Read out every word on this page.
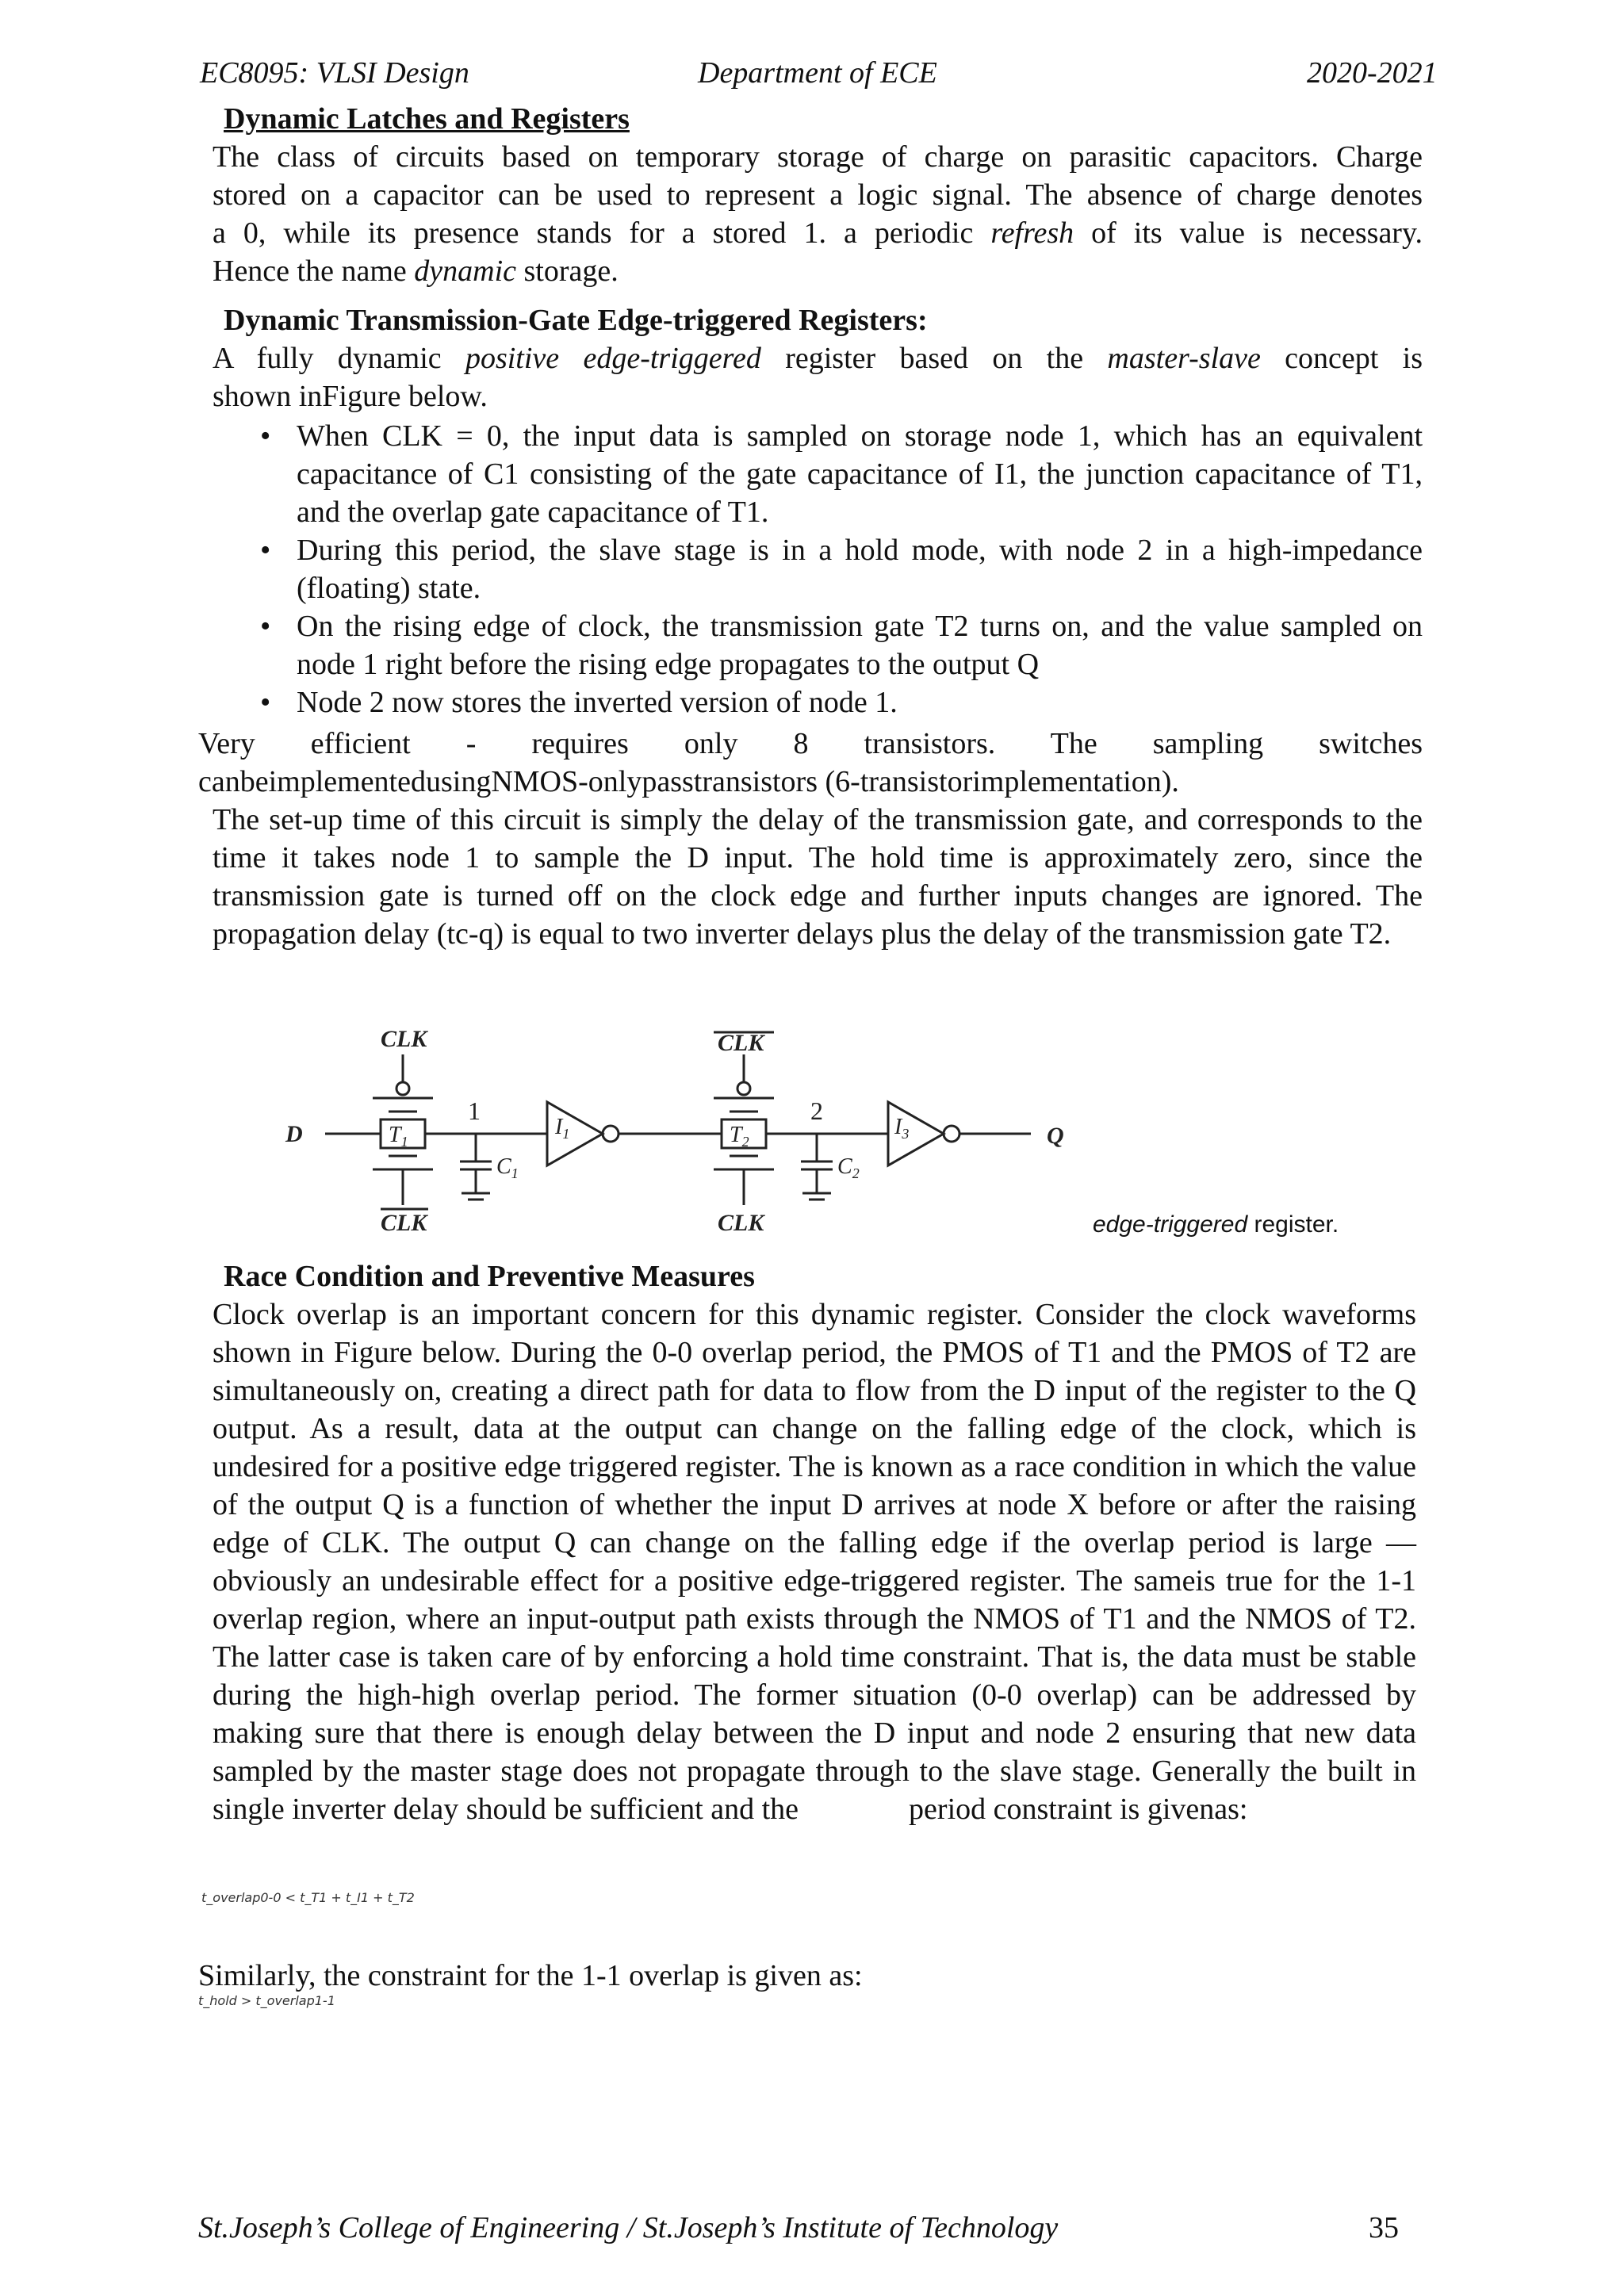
EC8095: VLSI Design	Department of ECE	2020-2021
Dynamic Latches and Registers
The class of circuits based on temporary storage of charge on parasitic capacitors. Charge
stored on a capacitor can be used to represent a logic signal. The absence of charge denotes
a 0, while its presence stands for a stored 1. a periodic refresh of its value is necessary.
Hence the name dynamic storage.
Dynamic Transmission-Gate Edge-triggered Registers:
A fully dynamic positive edge-triggered register based on the master-slave concept is
shown inFigure below.
• When CLK = 0, the input data is sampled on storage node 1, which has an equivalent capacitance of C1 consisting of the gate capacitance of I1, the junction capacitance of T1, and the overlap gate capacitance of T1.
• During this period, the slave stage is in a hold mode, with node 2 in a high-impedance (floating) state.
• On the rising edge of clock, the transmission gate T2 turns on, and the value sampled on node 1 right before the rising edge propagates to the output Q
• Node 2 now stores the inverted version of node 1.
Very efficient - requires only 8 transistors. The sampling switches
canbeimplementedusingNMOS-onlypasstransistors (6-transistorimplementation).
The set-up time of this circuit is simply the delay of the transmission gate, and corresponds to the time it takes node 1 to sample the D input. The hold time is approximately zero, since the transmission gate is turned off on the clock edge and further inputs changes are ignored. The propagation delay (tc-q) is equal to two inverter delays plus the delay of the transmission gate T2.
CLK	CLK
CLK	CLK
D	Q
1	2
$T_1$	$T_2$
$I_1$	$I_3$
$C_1$	$C_2$
edge-triggered register.
Race Condition and Preventive Measures
Clock overlap is an important concern for this dynamic register. Consider the clock waveforms shown in Figure below. During the 0-0 overlap period, the PMOS of T1 and the PMOS of T2 are simultaneously on, creating a direct path for data to flow from the D input of the register to the Q output. As a result, data at the output can change on the falling edge of the clock, which is undesired for a positive edge triggered register. The is known as a race condition in which the value of the output Q is a function of whether the input D arrives at node X before or after the raising edge of CLK. The output Q can change on the falling edge if the overlap period is large — obviously an undesirable effect for a positive edge-triggered register. The sameis true for the 1-1 overlap region, where an input-output path exists through the NMOS of T1 and the NMOS of T2. The latter case is taken care of by enforcing a hold time constraint. That is, the data must be stable during the high-high overlap period. The former situation (0-0 overlap) can be addressed by making sure that there is enough delay between the D input and node 2 ensuring that new data sampled by the master stage does not propagate through to the slave stage. Generally the built in single inverter delay should be sufficient and the	period constraint is givenas:
t_overlap0-0 < t_T1 + t_I1 + t_T2
Similarly, the constraint for the 1-1 overlap is given as:
t_hold > t_overlap1-1
St.Joseph’s College of Engineering / St.Joseph’s Institute of Technology	35
